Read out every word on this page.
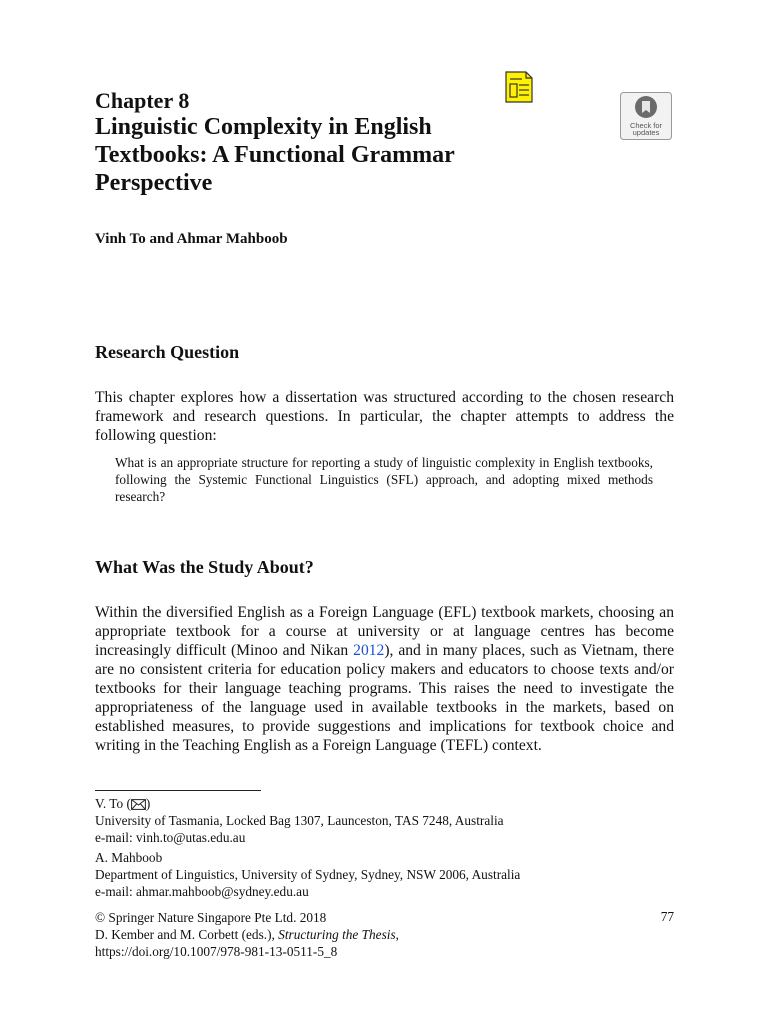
Chapter 8
Linguistic Complexity in English Textbooks: A Functional Grammar Perspective
Check for
updates
Vinh To and Ahmar Mahboob
Research Question
This chapter explores how a dissertation was structured according to the chosen research framework and research questions. In particular, the chapter attempts to address the following question:
What is an appropriate structure for reporting a study of linguistic complexity in English textbooks, following the Systemic Functional Linguistics (SFL) approach, and adopting mixed methods research?
What Was the Study About?
Within the diversified English as a Foreign Language (EFL) textbook markets, choosing an appropriate textbook for a course at university or at language centres has become increasingly difficult (Minoo and Nikan 2012), and in many places, such as Vietnam, there are no consistent criteria for education policy makers and educators to choose texts and/or textbooks for their language teaching programs. This raises the need to investigate the appropriateness of the language used in available textbooks in the markets, based on established measures, to provide suggestions and implications for textbook choice and writing in the Teaching English as a Foreign Language (TEFL) context.
V. To ( )
University of Tasmania, Locked Bag 1307, Launceston, TAS 7248, Australia
e-mail: vinh.to@utas.edu.au
A. Mahboob
Department of Linguistics, University of Sydney, Sydney, NSW 2006, Australia
e-mail: ahmar.mahboob@sydney.edu.au
© Springer Nature Singapore Pte Ltd. 2018
D. Kember and M. Corbett (eds.), Structuring the Thesis,
https://doi.org/10.1007/978-981-13-0511-5_8
77
